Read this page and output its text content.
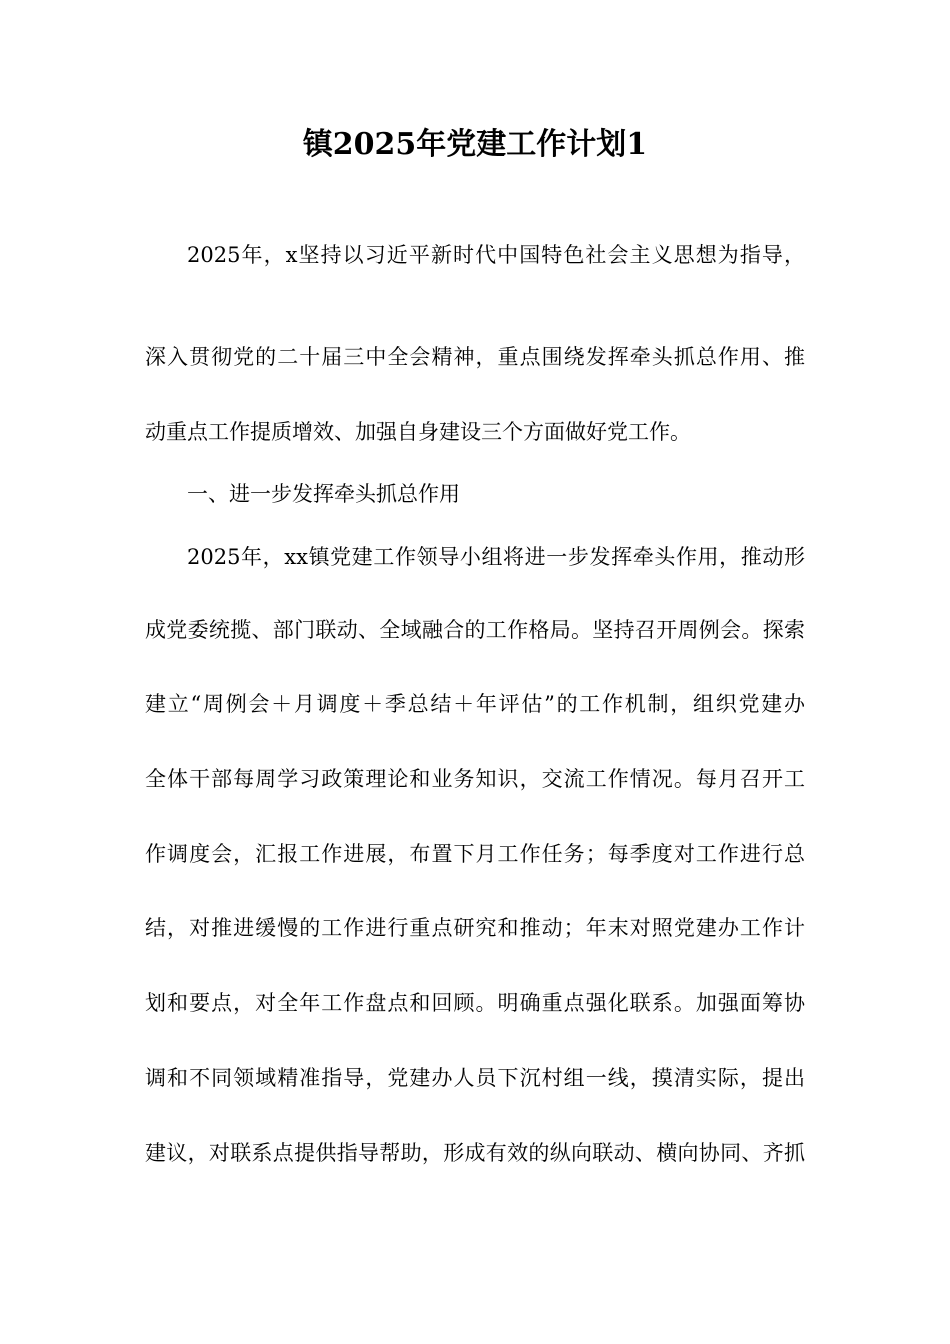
镇2025年党建工作计划1
2025年，x坚持以习近平新时代中国特色社会主义思想为指导，
深入贯彻党的二十届三中全会精神，重点围绕发挥牵头抓总作用、推
动重点工作提质增效、加强自身建设三个方面做好党工作。
一、进一步发挥牵头抓总作用
2025年，xx镇党建工作领导小组将进一步发挥牵头作用，推动形
成党委统揽、部门联动、全域融合的工作格局。坚持召开周例会。探索
建立“周例会＋月调度＋季总结＋年评估”的工作机制，组织党建办
全体干部每周学习政策理论和业务知识，交流工作情况。每月召开工
作调度会，汇报工作进展，布置下月工作任务；每季度对工作进行总
结，对推进缓慢的工作进行重点研究和推动；年末对照党建办工作计
划和要点，对全年工作盘点和回顾。明确重点强化联系。加强面筹协
调和不同领域精准指导，党建办人员下沉村组一线，摸清实际，提出
建议，对联系点提供指导帮助，形成有效的纵向联动、横向协同、齐抓
